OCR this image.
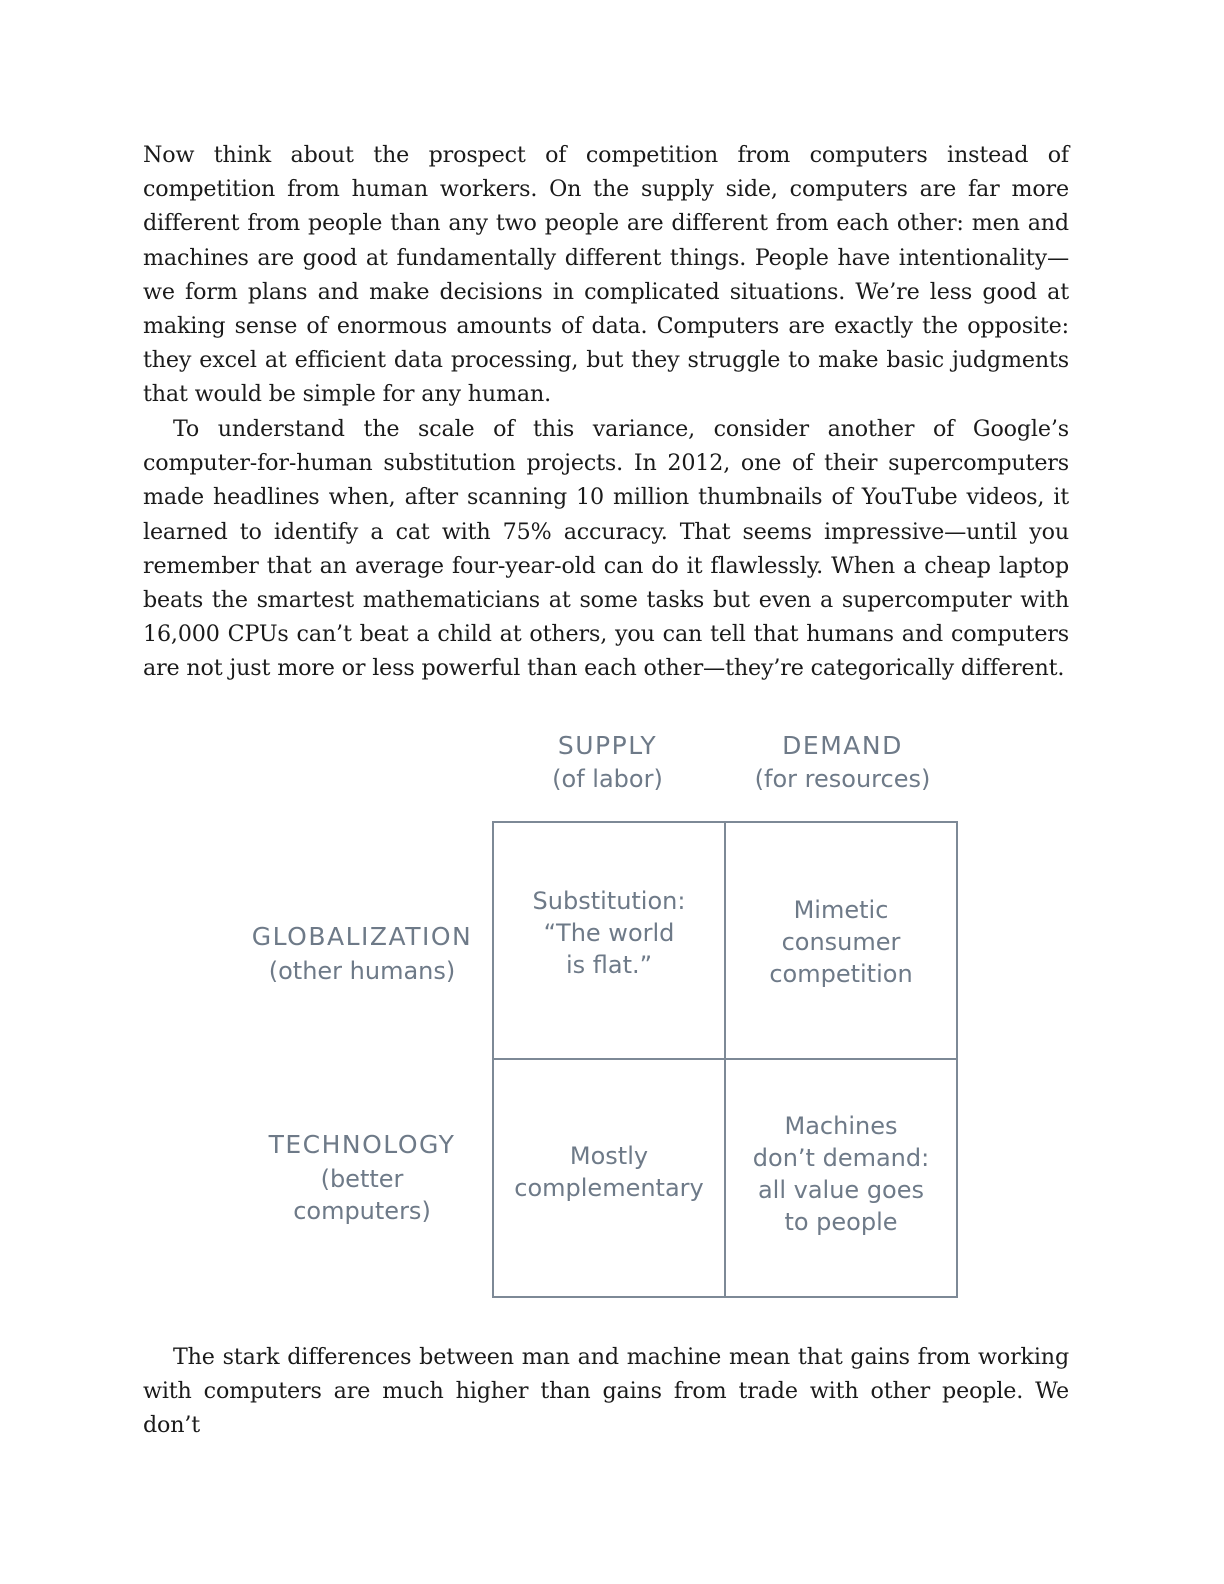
Now think about the prospect of competition from computers instead of competition from human workers. On the supply side, computers are far more different from people than any two people are different from each other: men and machines are good at fundamentally different things. People have intentionality—we form plans and make decisions in complicated situations. We’re less good at making sense of enormous amounts of data. Computers are exactly the opposite: they excel at efficient data processing, but they struggle to make basic judgments that would be simple for any human.

To understand the scale of this variance, consider another of Google’s computer-for-human substitution projects. In 2012, one of their supercomputers made headlines when, after scanning 10 million thumbnails of YouTube videos, it learned to identify a cat with 75% accuracy. That seems impressive—until you remember that an average four-year-old can do it flawlessly. When a cheap laptop beats the smartest mathematicians at some tasks but even a supercomputer with 16,000 CPUs can’t beat a child at others, you can tell that humans and computers are not just more or less powerful than each other—they’re categorically different.

SUPPLY
(of labor)
DEMAND
(for resources)
GLOBALIZATION
(other humans)
TECHNOLOGY
(better
computers)
Substitution:
“The world
is flat.”
Mimetic
consumer
competition
Mostly
complementary
Machines
don’t demand:
all value goes
to people

The stark differences between man and machine mean that gains from working with computers are much higher than gains from trade with other people. We don’t
